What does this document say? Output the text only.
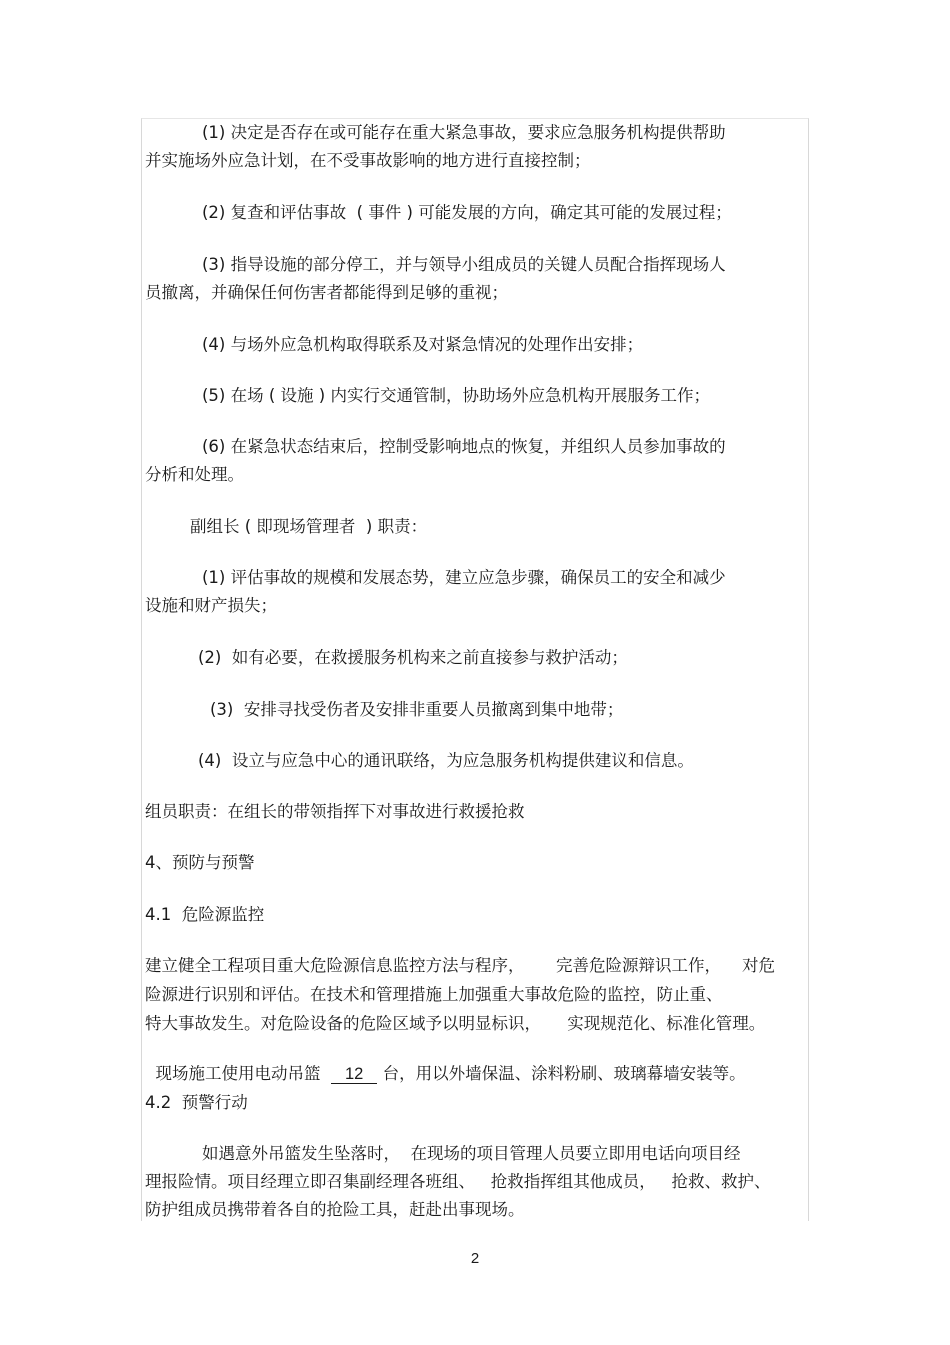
(1) 决定是否存在或可能存在重大紧急事故，要求应急服务机构提供帮助
并实施场外应急计划，在不受事故影响的地方进行直接控制；
(2) 复查和评估事故  ( 事件 ) 可能发展的方向，确定其可能的发展过程；
(3) 指导设施的部分停工，并与领导小组成员的关键人员配合指挥现场人
员撤离，并确保任何伤害者都能得到足够的重视；
(4) 与场外应急机构取得联系及对紧急情况的处理作出安排；
(5) 在场 ( 设施 ) 内实行交通管制，协助场外应急机构开展服务工作；
(6) 在紧急状态结束后，控制受影响地点的恢复，并组织人员参加事故的
分析和处理。
副组长 ( 即现场管理者  ) 职责：
(1) 评估事故的规模和发展态势，建立应急步骤，确保员工的安全和减少
设施和财产损失；
(2)  如有必要，在救援服务机构来之前直接参与救护活动；
(3)  安排寻找受伤者及安排非重要人员撤离到集中地带；
(4)  设立与应急中心的通讯联络，为应急服务机构提供建议和信息。
组员职责：在组长的带领指挥下对事故进行救援抢救
4、预防与预警
4.1  危险源监控
建立健全工程项目重大危险源信息监控方法与程序，      完善危险源辩识工作，    对危
险源进行识别和评估。在技术和管理措施上加强重大事故危险的监控，防止重、
特大事故发生。对危险设备的危险区域予以明显标识，     实现规范化、标准化管理。

现场施工使用电动吊篮  12 台，用以外墙保温、涂料粉刷、玻璃幕墙安装等。

4.2  预警行动
如遇意外吊篮发生坠落时，  在现场的项目管理人员要立即用电话向项目经
理报险情。项目经理立即召集副经理各班组、   抢救指挥组其他成员，   抢救、救护、
防护组成员携带着各自的抢险工具，赶赴出事现场。
2
